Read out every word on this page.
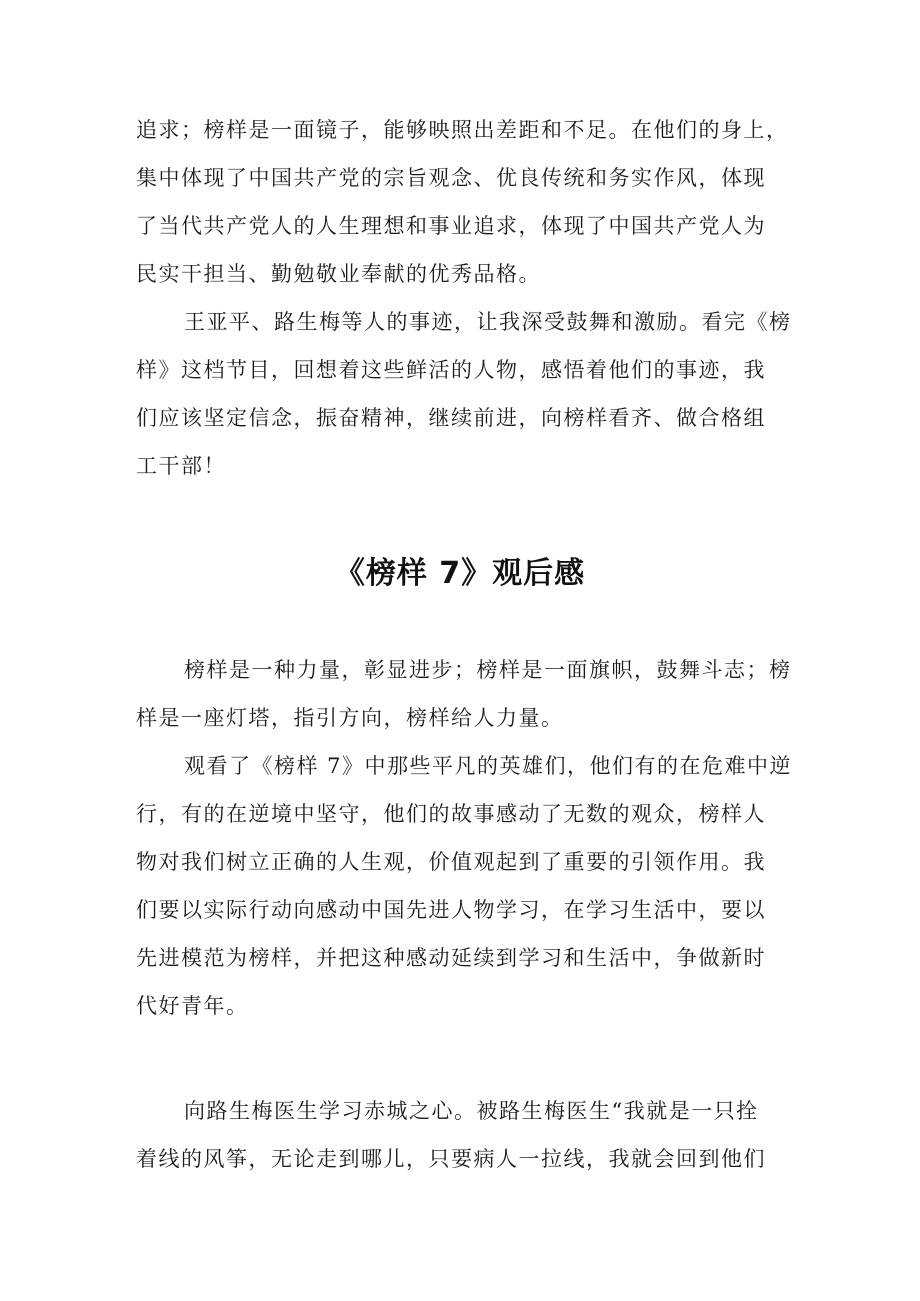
追求；榜样是一面镜子，能够映照出差距和不足。在他们的身上，
集中体现了中国共产党的宗旨观念、优良传统和务实作风，体现
了当代共产党人的人生理想和事业追求，体现了中国共产党人为
民实干担当、勤勉敬业奉献的优秀品格。
王亚平、路生梅等人的事迹，让我深受鼓舞和激励。看完《榜
样》这档节目，回想着这些鲜活的人物，感悟着他们的事迹，我
们应该坚定信念，振奋精神，继续前进，向榜样看齐、做合格组
工干部！
《榜样 7》观后感
榜样是一种力量，彰显进步；榜样是一面旗帜，鼓舞斗志；榜
样是一座灯塔，指引方向，榜样给人力量。
观看了《榜样 7》中那些平凡的英雄们，他们有的在危难中逆
行，有的在逆境中坚守，他们的故事感动了无数的观众，榜样人
物对我们树立正确的人生观，价值观起到了重要的引领作用。我
们要以实际行动向感动中国先进人物学习，在学习生活中，要以
先进模范为榜样，并把这种感动延续到学习和生活中，争做新时
代好青年。
向路生梅医生学习赤城之心。被路生梅医生“我就是一只拴
着线的风筝，无论走到哪儿，只要病人一拉线，我就会回到他们
